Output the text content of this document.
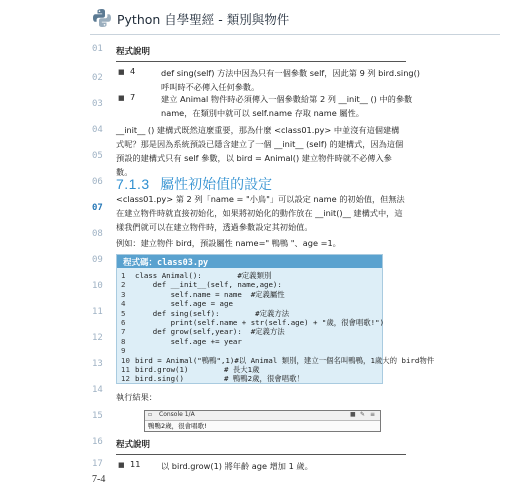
Python 自學聖經 - 類別與物件
01
02
03
04
05
06
07
08
09
10
11
12
13
14
15
16
17
程式說明
■ 4	def sing(self) 方法中因為只有一個參數 self，因此第 9 列 bird.sing() 呼叫時不必傳入任何參數。
■ 7	建立 Animal 物件時必須傳入一個參數給第 2 列 __init__ () 中的參數 name，在類別中就可以 self.name 存取 name 屬性。
__init__ () 建構式既然這麼重要，那為什麼 <class01.py> 中並沒有這個建構式呢？那是因為系統預設已隱含建立了一個 __init__ (self) 的建構式，因為這個預設的建構式只有 self 參數，以 bird = Animal() 建立物件時就不必傳入參數。
7.1.3 屬性初始值的設定
<class01.py> 第 2 列「name = "小鳥"」可以設定 name 的初始值，但無法在建立物件時就直接初始化，如果將初始化的動作放在 __init()__ 建構式中，這樣我們就可以在建立物件時，透過參數設定其初始值。
例如：建立物件 bird，預設屬性 name=" 鴨鴨 "、age =1。
程式碼：class03.py
1 class Animal():        #定義類別
2    def __init__(self, name,age):
3        self.name = name  #定義屬性
4        self.age = age
5    def sing(self):        #定義方法
6        print(self.name + str(self.age) + "歲，很會唱歌!")
7    def grow(self,year):  #定義方法
8        self.age += year
9
10 bird = Animal("鴨鴨",1)#以 Animal 類別，建立一個名叫鴨鴨，1歲大的 bird物件
11 bird.grow(1)        # 長大1歲
12 bird.sing()         # 鴨鴨2歲，很會唱歌！
執行結果：
▫	Console 1/A	■ ✎ ≡
鴨鴨2歲，很會唱歌!
程式說明
■ 11	以 bird.grow(1) 將年齡 age 增加 1 歲。
7-4
